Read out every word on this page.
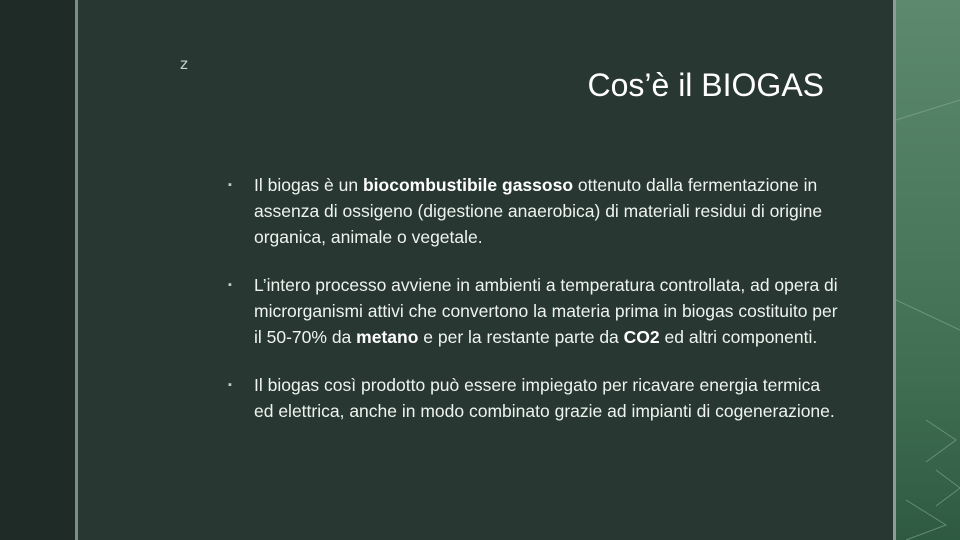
z
Cos’è il BIOGAS
▪ Il biogas è un biocombustibile gassoso ottenuto dalla fermentazione in assenza di ossigeno (digestione anaerobica) di materiali residui di origine organica, animale o vegetale.
▪ L’intero processo avviene in ambienti a temperatura controllata, ad opera di microrganismi attivi che convertono la materia prima in biogas costituito per il 50-70% da metano e per la restante parte da CO2 ed altri componenti.
▪ Il biogas così prodotto può essere impiegato per ricavare energia termica ed elettrica, anche in modo combinato grazie ad impianti di cogenerazione.
